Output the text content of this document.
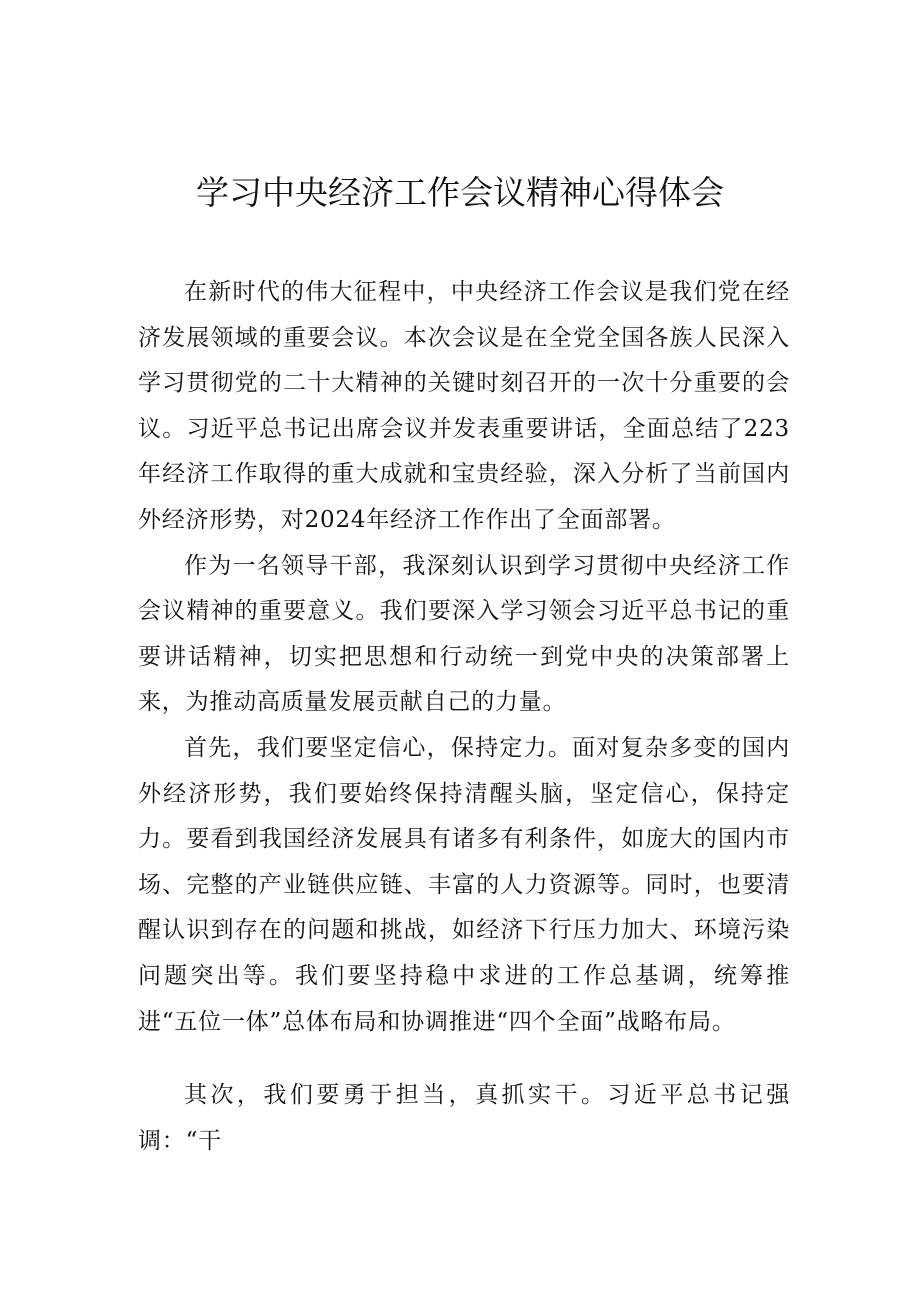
学习中央经济工作会议精神心得体会

在新时代的伟大征程中，中央经济工作会议是我们党在经济发展领域的重要会议。本次会议是在全党全国各族人民深入学习贯彻党的二十大精神的关键时刻召开的一次十分重要的会议。习近平总书记出席会议并发表重要讲话，全面总结了223年经济工作取得的重大成就和宝贵经验，深入分析了当前国内外经济形势，对2024年经济工作作出了全面部署。

作为一名领导干部，我深刻认识到学习贯彻中央经济工作会议精神的重要意义。我们要深入学习领会习近平总书记的重要讲话精神，切实把思想和行动统一到党中央的决策部署上来，为推动高质量发展贡献自己的力量。

首先，我们要坚定信心，保持定力。面对复杂多变的国内外经济形势，我们要始终保持清醒头脑，坚定信心，保持定力。要看到我国经济发展具有诸多有利条件，如庞大的国内市场、完整的产业链供应链、丰富的人力资源等。同时，也要清醒认识到存在的问题和挑战，如经济下行压力加大、环境污染问题突出等。我们要坚持稳中求进的工作总基调，统筹推进“五位一体”总体布局和协调推进“四个全面”战略布局。

其次，我们要勇于担当，真抓实干。习近平总书记强调：“干
